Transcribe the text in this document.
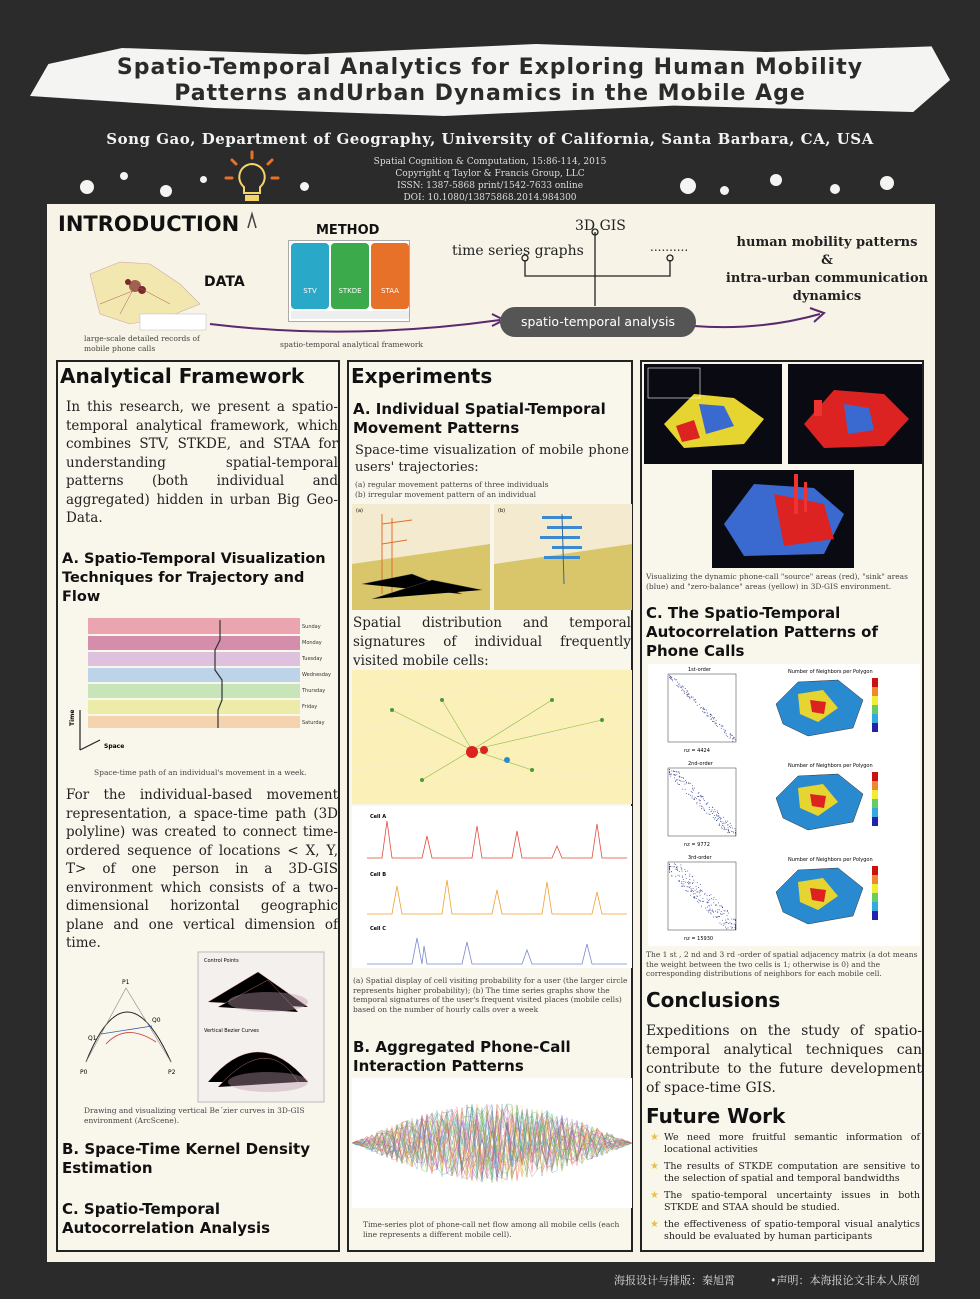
Spatio-Temporal Analytics for Exploring Human Mobility
Patterns andUrban Dynamics in the Mobile Age
Song Gao, Department of Geography, University of California, Santa Barbara, CA, USA
Spatial Cognition & Computation, 15:86-114, 2015
Copyright q Taylor & Francis Group, LLC
ISSN: 1387-5868 print/1542-7633 online
DOI: 10.1080/13875868.2014.984300
INTRODUCTION
DATA
large-scale detailed records of mobile phone calls
METHOD
STV	STKDE	STAA
spatio-temporal analytical framework
3D GIS
time series graphs	..........
spatio-temporal analysis
human mobility patterns
&
intra-urban communication dynamics
Analytical Framework
In this research, we present a spatio-temporal analytical framework, which combines STV, STKDE, and STAA for understanding spatial-temporal patterns (both individual and aggregated) hidden in urban Big Geo-Data.
A. Spatio-Temporal Visualization Techniques for Trajectory and Flow
Sunday
Monday
Tuesday
Wednesday
Thursday
Friday
Saturday
Time
Space
Space-time path of an individual's movement in a week.
For the individual-based movement representation, a space-time path (3D polyline) was created to connect time-ordered sequence of locations < X, Y, T> of one person in a 3D-GIS environment which consists of a two-dimensional horizontal geographic plane and one vertical dimension of time.
P1
Q0
Q1
P0	P2
Control Points
Vertical Bezier Curves
Drawing and visualizing vertical Be´zier curves in 3D-GIS environment (ArcScene).
B. Space-Time Kernel Density Estimation
C. Spatio-Temporal Autocorrelation Analysis
Experiments
A. Individual Spatial-Temporal Movement Patterns
Space-time visualization of mobile phone users' trajectories:
(a) regular movement patterns of three individuals
(b) irregular movement pattern of an individual
(a)	(b)
Spatial distribution and temporal signatures of individual frequently visited mobile cells:
Cell A
Cell B
Cell C
(a) Spatial display of cell visiting probability for a user (the larger circle represents higher probability); (b) The time series graphs show the temporal signatures of the user's frequent visited places (mobile cells) based on the number of hourly calls over a week
B. Aggregated Phone-Call Interaction Patterns
Time-series plot of phone-call net flow among all mobile cells (each line represents a different mobile cell).
Visualizing the dynamic phone-call "source" areas (red), "sink" areas (blue) and "zero-balance" areas (yellow) in 3D-GIS environment.
C. The Spatio-Temporal Autocorrelation Patterns of Phone Calls
1st-order
nz = 4424
Number of Neighbors per Polygon
2nd-order
nz = 9772
Number of Neighbors per Polygon
3rd-order
nz = 15930
Number of Neighbors per Polygon
The 1 st , 2 nd and 3 rd -order of spatial adjacency matrix (a dot means the weight between the two cells is 1; otherwise is 0) and the corresponding distributions of neighbors for each mobile cell.
Conclusions
Expeditions on the study of spatio-temporal analytical techniques can contribute to the future development of space-time GIS.
Future Work
★ We need more fruitful semantic information of locational activities
★ The results of STKDE computation are sensitive to the selection of spatial and temporal bandwidths
★ The spatio-temporal uncertainty issues in both STKDE and STAA should be studied.
★ the effectiveness of spatio-temporal visual analytics should be evaluated by human participants
海报设计与排版：秦旭霄	•声明：本海报论文非本人原创
